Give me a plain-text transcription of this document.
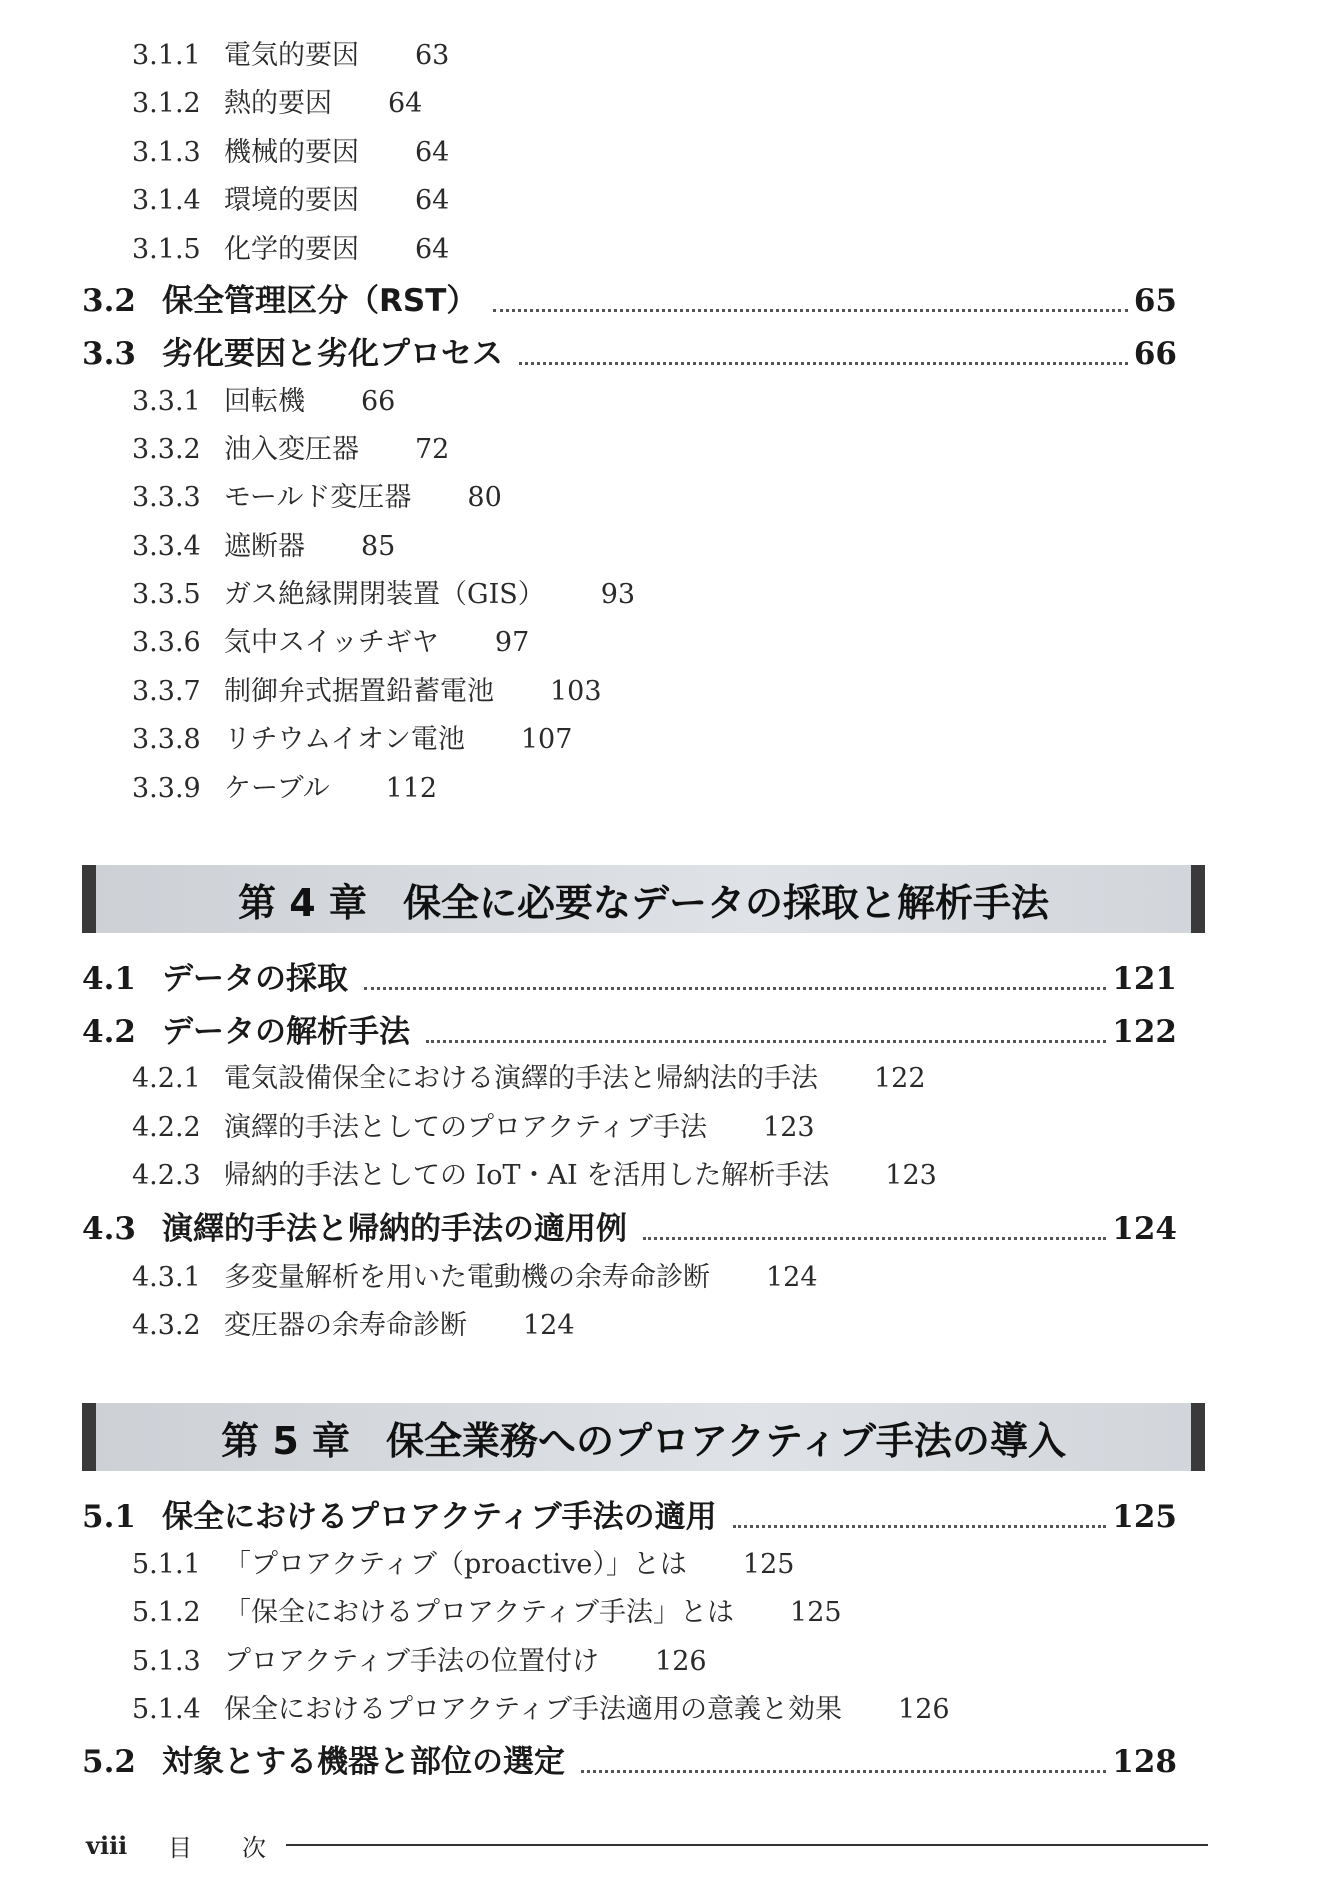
3.1.1 電気的要因 63
3.1.2 熱的要因 64
3.1.3 機械的要因 64
3.1.4 環境的要因 64
3.1.5 化学的要因 64
3.2 保全管理区分（RST）	65
3.3 劣化要因と劣化プロセス	66
3.3.1 回転機 66
3.3.2 油入変圧器 72
3.3.3 モールド変圧器 80
3.3.4 遮断器 85
3.3.5 ガス絶縁開閉装置（GIS） 93
3.3.6 気中スイッチギヤ 97
3.3.7 制御弁式据置鉛蓄電池 103
3.3.8 リチウムイオン電池 107
3.3.9 ケーブル 112
第 4 章 保全に必要なデータの採取と解析手法
4.1 データの採取	121
4.2 データの解析手法	122
4.2.1 電気設備保全における演繹的手法と帰納法的手法 122
4.2.2 演繹的手法としてのプロアクティブ手法 123
4.2.3 帰納的手法としての IoT・AI を活用した解析手法 123
4.3 演繹的手法と帰納的手法の適用例	124
4.3.1 多変量解析を用いた電動機の余寿命診断 124
4.3.2 変圧器の余寿命診断 124
第 5 章 保全業務へのプロアクティブ手法の導入
5.1 保全におけるプロアクティブ手法の適用	125
5.1.1 「プロアクティブ（proactive）」とは 125
5.1.2 「保全におけるプロアクティブ手法」とは 125
5.1.3 プロアクティブ手法の位置付け 126
5.1.4 保全におけるプロアクティブ手法適用の意義と効果 126
5.2 対象とする機器と部位の選定	128
viii	目次
